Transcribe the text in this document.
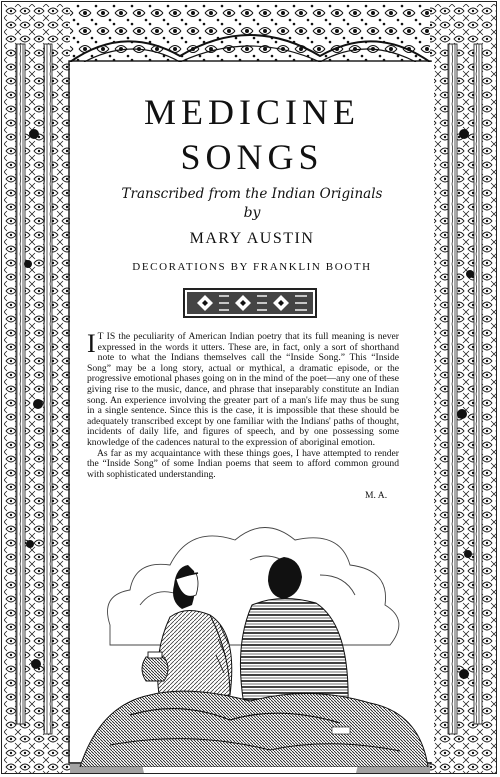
MEDICINE
SONGS
Transcribed from the Indian Originals
by
MARY AUSTIN
DECORATIONS BY FRANKLIN BOOTH

I T IS the peculiarity of American Indian poetry that its full meaning is never expressed in the words it utters. These are, in fact, only a sort of shorthand note to what the Indians themselves call the “Inside Song.” This “Inside Song” may be a long story, actual or mythical, a dramatic episode, or the progressive emotional phases going on in the mind of the poet—any one of these giving rise to the music, dance, and phrase that inseparably constitute an Indian song. An experience involving the greater part of a man's life may thus be sung in a single sentence. Since this is the case, it is impossible that these should be adequately transcribed except by one familiar with the Indians' paths of thought, incidents of daily life, and figures of speech, and by one possessing some knowledge of the cadences natural to the expression of aboriginal emotion.

As far as my acquaintance with these things goes, I have attempted to render the “Inside Song” of some Indian poems that seem to afford common ground with sophisticated understanding.

M. A.
